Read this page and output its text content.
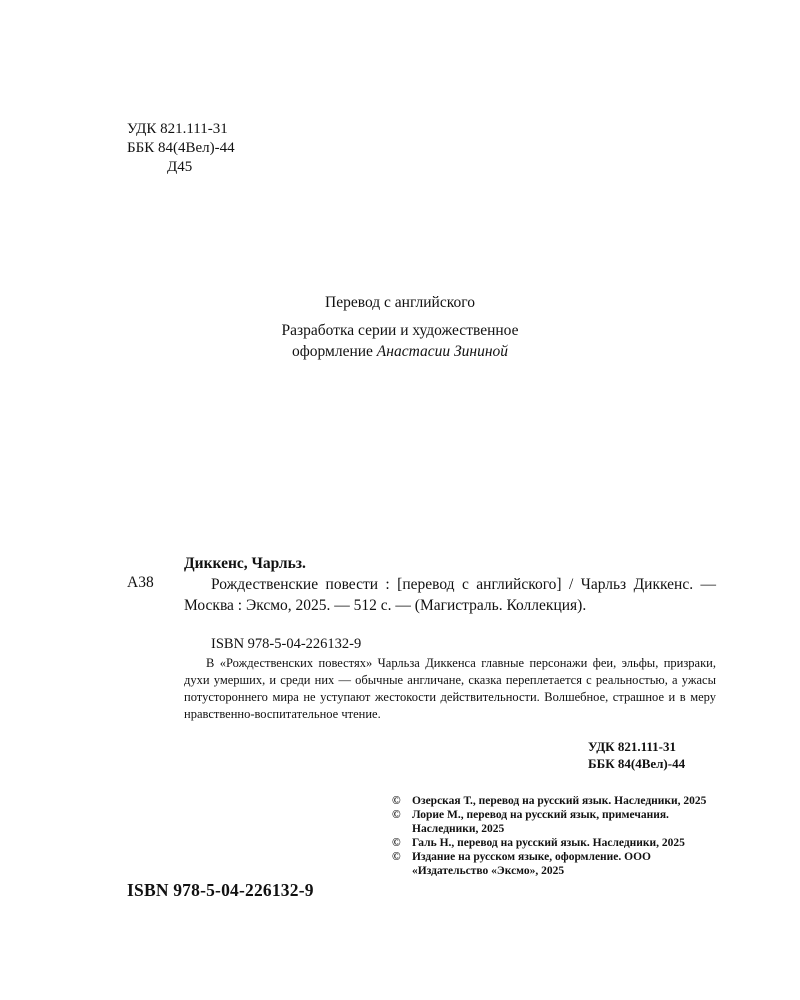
УДК 821.111-31
ББК 84(4Вел)-44
Д45
Перевод с английского
Разработка серии и художественное
оформление Анастасии Зининой
Диккенс, Чарльз.
А38	Рождественские повести : [перевод с английского] / Чарльз Диккенс. — Москва : Эксмо, 2025. — 512 с. — (Магистраль. Коллекция).
ISBN 978-5-04-226132-9
В «Рождественских повестях» Чарльза Диккенса главные персонажи феи, эльфы, призраки, духи умерших, и среди них — обычные англичане, сказка переплетается с реальностью, а ужасы потустороннего мира не уступают жестокости действительности. Волшебное, страшное и в меру нравственно-воспитательное чтение.
УДК 821.111-31
ББК 84(4Вел)-44
© Озерская Т., перевод на русский язык. Наследники, 2025
© Лорие М., перевод на русский язык, примечания. Наследники, 2025
© Галь Н., перевод на русский язык. Наследники, 2025
© Издание на русском языке, оформление. ООО «Издательство «Эксмо», 2025
ISBN 978-5-04-226132-9
